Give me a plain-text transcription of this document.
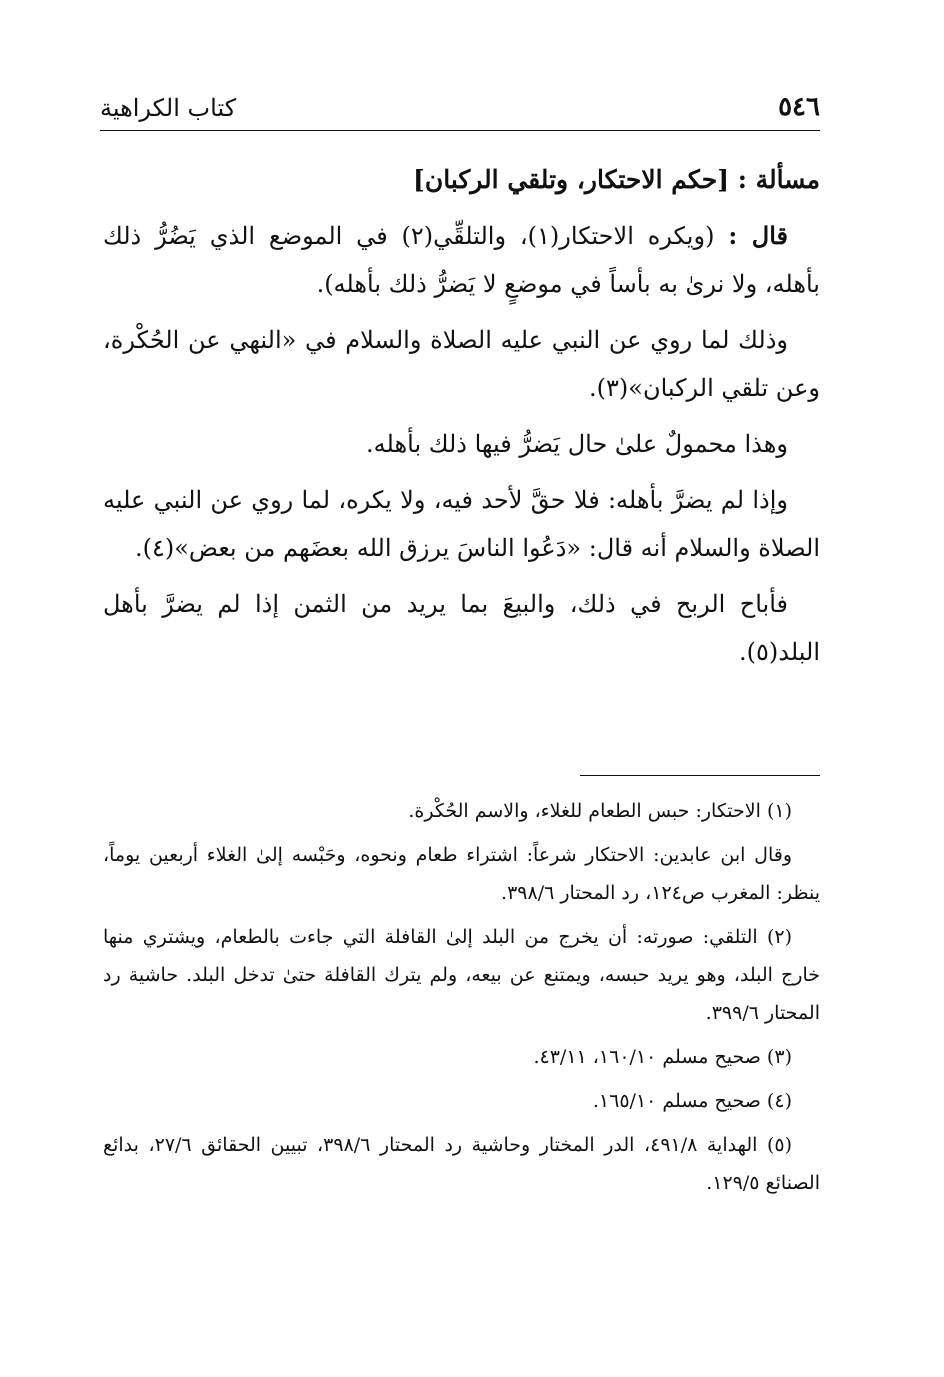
٥٤٦
كتاب الكراهية
مسألة : [حكم الاحتكار، وتلقي الركبان]

قال : (ويكره الاحتكار(١)، والتلقِّي(٢) في الموضع الذي يَضُرُّ ذلك بأهله، ولا نرىٰ به بأساً في موضعٍ لا يَضرُّ ذلك بأهله).

وذلك لما روي عن النبي عليه الصلاة والسلام في «النهي عن الحُكْرة، وعن تلقي الركبان»(٣).

وهذا محمولٌ علىٰ حال يَضرُّ فيها ذلك بأهله.

وإذا لم يضرَّ بأهله: فلا حقَّ لأحد فيه، ولا يكره، لما روي عن النبي عليه الصلاة والسلام أنه قال: «دَعُوا الناسَ يرزق الله بعضَهم من بعض»(٤).

فأباح الربح في ذلك، والبيعَ بما يريد من الثمن إذا لم يضرَّ بأهل البلد(٥).

(١) الاحتكار: حبس الطعام للغلاء، والاسم الحُكْرة.

وقال ابن عابدين: الاحتكار شرعاً: اشتراء طعام ونحوه، وحَبْسه إلىٰ الغلاء أربعين يوماً، ينظر: المغرب ص١٢٤، رد المحتار ٣٩٨/٦.

(٢) التلقي: صورته: أن يخرج من البلد إلىٰ القافلة التي جاءت بالطعام، ويشتري منها خارج البلد، وهو يريد حبسه، ويمتنع عن بيعه، ولم يترك القافلة حتىٰ تدخل البلد. حاشية رد المحتار ٣٩٩/٦.

(٣) صحيح مسلم ١٦٠/١٠، ٤٣/١١.

(٤) صحيح مسلم ١٦٥/١٠.

(٥) الهداية ٤٩١/٨، الدر المختار وحاشية رد المحتار ٣٩٨/٦، تبيين الحقائق ٢٧/٦، بدائع الصنائع ١٢٩/٥.
